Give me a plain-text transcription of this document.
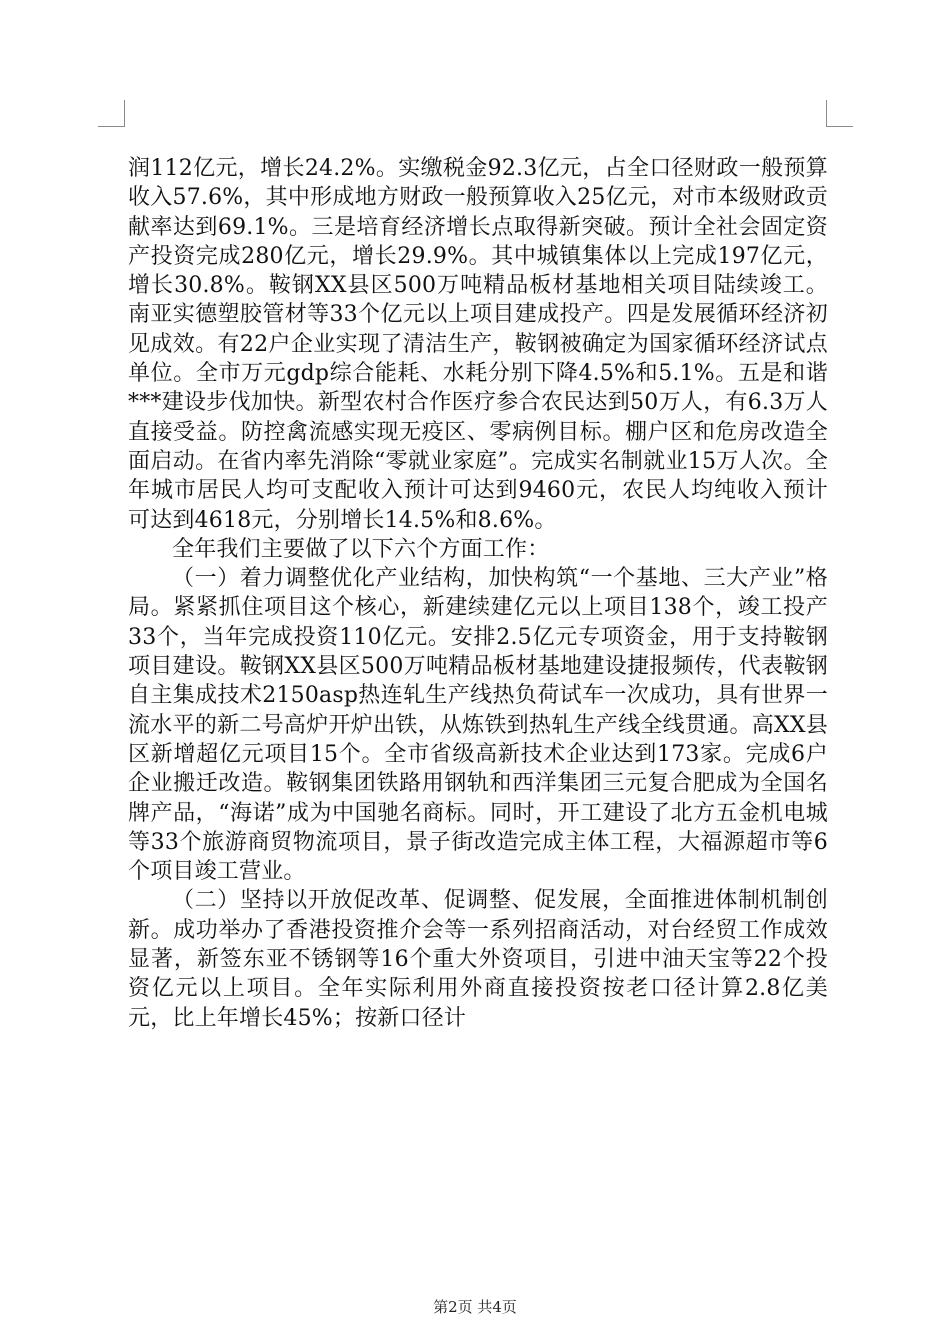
润112亿元，增长24.2%。实缴税金92.3亿元，占全口径财政一般预算收入57.6%，其中形成地方财政一般预算收入25亿元，对市本级财政贡献率达到69.1%。三是培育经济增长点取得新突破。预计全社会固定资产投资完成280亿元，增长29.9%。其中城镇集体以上完成197亿元，增长30.8%。鞍钢XX县区500万吨精品板材基地相关项目陆续竣工。南亚实德塑胶管材等33个亿元以上项目建成投产。四是发展循环经济初见成效。有22户企业实现了清洁生产，鞍钢被确定为国家循环经济试点单位。全市万元gdp综合能耗、水耗分别下降4.5%和5.1%。五是和谐***建设步伐加快。新型农村合作医疗参合农民达到50万人，有6.3万人直接受益。防控禽流感实现无疫区、零病例目标。棚户区和危房改造全面启动。在省内率先消除“零就业家庭”。完成实名制就业15万人次。全年城市居民人均可支配收入预计可达到9460元，农民人均纯收入预计可达到4618元，分别增长14.5%和8.6%。

全年我们主要做了以下六个方面工作：

（一）着力调整优化产业结构，加快构筑“一个基地、三大产业”格局。紧紧抓住项目这个核心，新建续建亿元以上项目138个，竣工投产33个，当年完成投资110亿元。安排2.5亿元专项资金，用于支持鞍钢项目建设。鞍钢XX县区500万吨精品板材基地建设捷报频传，代表鞍钢自主集成技术2150asp热连轧生产线热负荷试车一次成功，具有世界一流水平的新二号高炉开炉出铁，从炼铁到热轧生产线全线贯通。高XX县区新增超亿元项目15个。全市省级高新技术企业达到173家。完成6户企业搬迁改造。鞍钢集团铁路用钢轨和西洋集团三元复合肥成为全国名牌产品，“海诺”成为中国驰名商标。同时，开工建设了北方五金机电城等33个旅游商贸物流项目，景子街改造完成主体工程，大福源超市等6个项目竣工营业。

（二）坚持以开放促改革、促调整、促发展，全面推进体制机制创新。成功举办了香港投资推介会等一系列招商活动，对台经贸工作成效显著，新签东亚不锈钢等16个重大外资项目，引进中油天宝等22个投资亿元以上项目。全年实际利用外商直接投资按老口径计算2.8亿美元，比上年增长45%；按新口径计

第2页 共4页
